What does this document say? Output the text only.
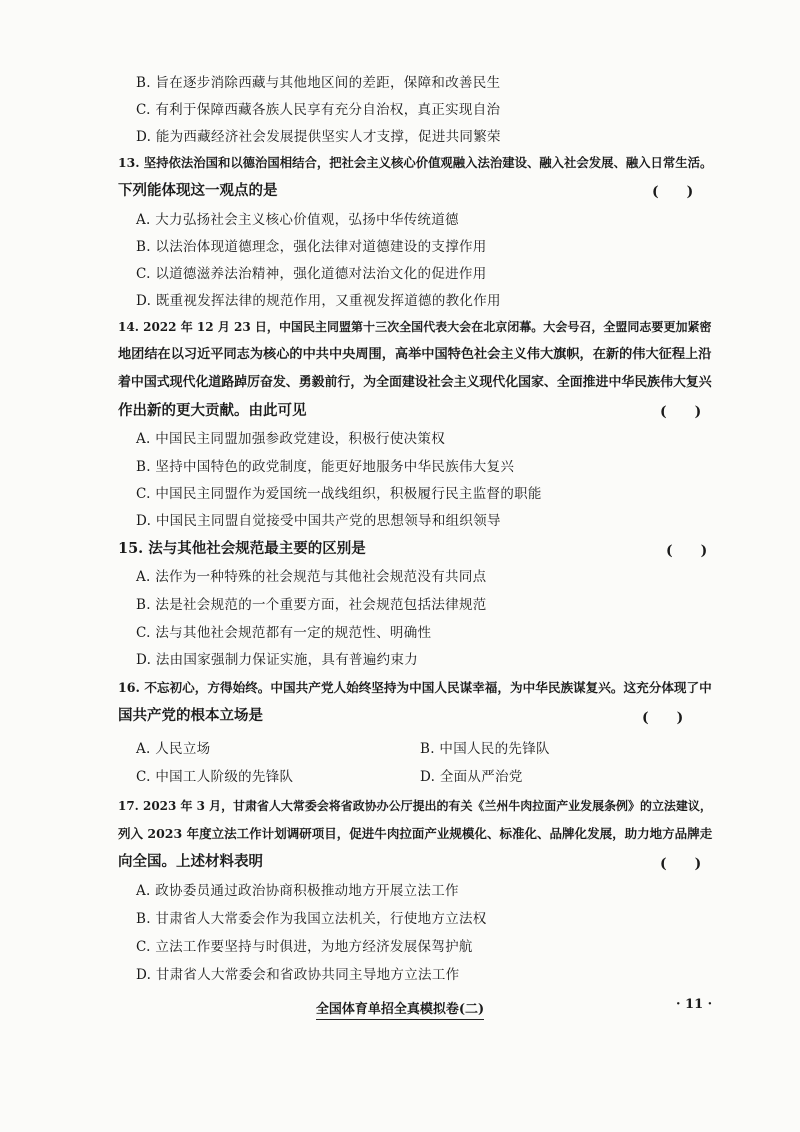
B. 旨在逐步消除西藏与其他地区间的差距，保障和改善民生
C. 有利于保障西藏各族人民享有充分自治权，真正实现自治
D. 能为西藏经济社会发展提供坚实人才支撑，促进共同繁荣
13. 坚持依法治国和以德治国相结合，把社会主义核心价值观融入法治建设、融入社会发展、融入日常生活。
下列能体现这一观点的是	(　　)
A. 大力弘扬社会主义核心价值观，弘扬中华传统道德
B. 以法治体现道德理念，强化法律对道德建设的支撑作用
C. 以道德滋养法治精神，强化道德对法治文化的促进作用
D. 既重视发挥法律的规范作用，又重视发挥道德的教化作用
14. 2022 年 12 月 23 日，中国民主同盟第十三次全国代表大会在北京闭幕。大会号召，全盟同志要更加紧密
地团结在以习近平同志为核心的中共中央周围，高举中国特色社会主义伟大旗帜，在新的伟大征程上沿
着中国式现代化道路踔厉奋发、勇毅前行，为全面建设社会主义现代化国家、全面推进中华民族伟大复兴
作出新的更大贡献。由此可见	(　　)
A. 中国民主同盟加强参政党建设，积极行使决策权
B. 坚持中国特色的政党制度，能更好地服务中华民族伟大复兴
C. 中国民主同盟作为爱国统一战线组织，积极履行民主监督的职能
D. 中国民主同盟自觉接受中国共产党的思想领导和组织领导
15. 法与其他社会规范最主要的区别是	(　　)
A. 法作为一种特殊的社会规范与其他社会规范没有共同点
B. 法是社会规范的一个重要方面，社会规范包括法律规范
C. 法与其他社会规范都有一定的规范性、明确性
D. 法由国家强制力保证实施，具有普遍约束力
16. 不忘初心，方得始终。中国共产党人始终坚持为中国人民谋幸福，为中华民族谋复兴。这充分体现了中
国共产党的根本立场是	(　　)
A. 人民立场	B. 中国人民的先锋队
C. 中国工人阶级的先锋队	D. 全面从严治党
17. 2023 年 3 月，甘肃省人大常委会将省政协办公厅提出的有关《兰州牛肉拉面产业发展条例》的立法建议，
列入 2023 年度立法工作计划调研项目，促进牛肉拉面产业规模化、标准化、品牌化发展，助力地方品牌走
向全国。上述材料表明	(　　)
A. 政协委员通过政治协商积极推动地方开展立法工作
B. 甘肃省人大常委会作为我国立法机关，行使地方立法权
C. 立法工作要坚持与时俱进，为地方经济发展保驾护航
D. 甘肃省人大常委会和省政协共同主导地方立法工作
全国体育单招全真模拟卷(二)	· 11 ·
